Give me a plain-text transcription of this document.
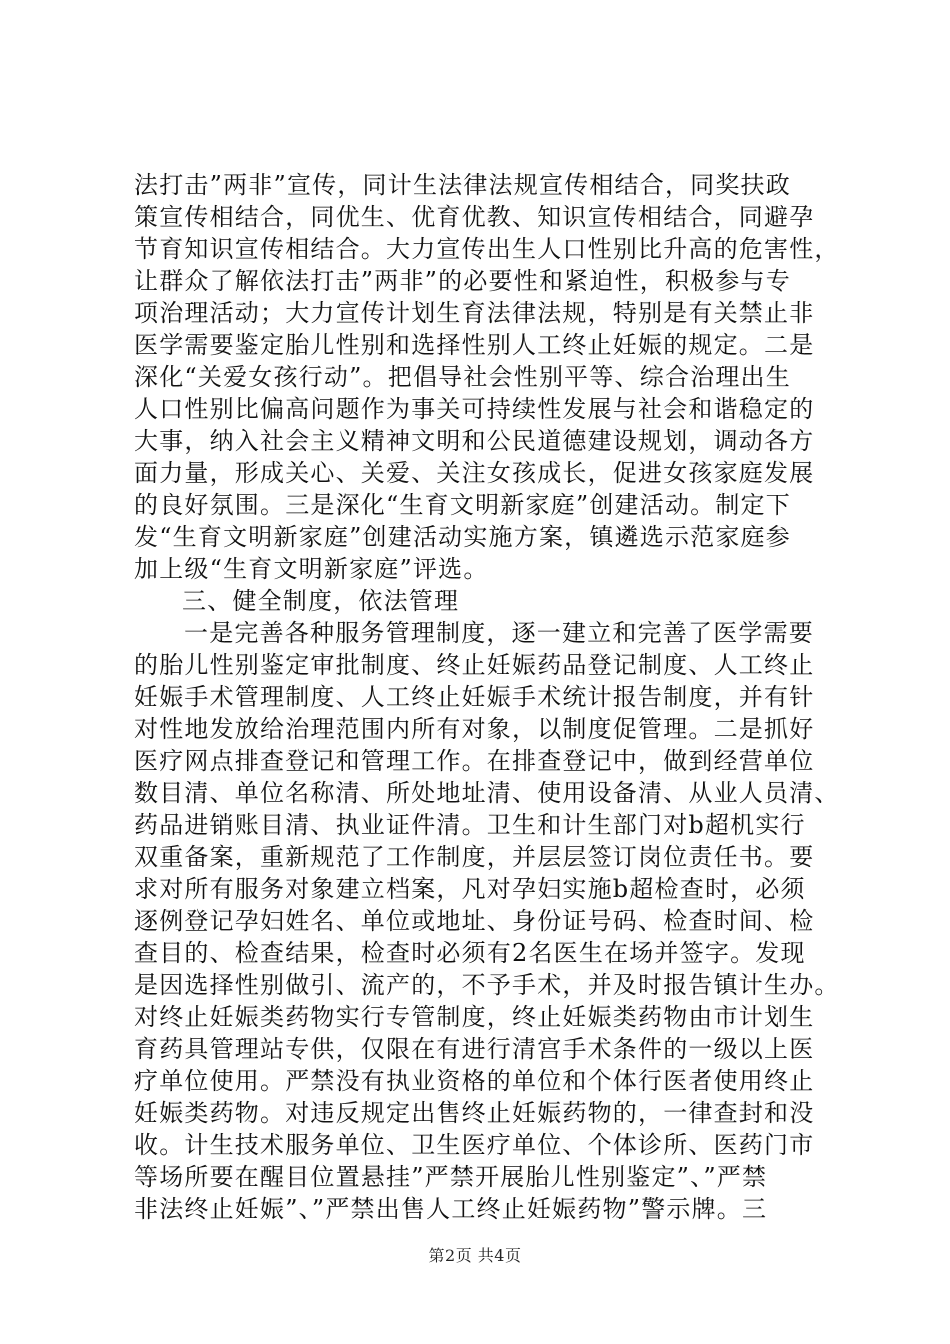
法打击”两非”宣传，同计生法律法规宣传相结合，同奖扶政
策宣传相结合，同优生、优育优教、知识宣传相结合，同避孕
节育知识宣传相结合。大力宣传出生人口性别比升高的危害性，
让群众了解依法打击”两非”的必要性和紧迫性，积极参与专
项治理活动；大力宣传计划生育法律法规，特别是有关禁止非
医学需要鉴定胎儿性别和选择性别人工终止妊娠的规定。二是
深化“关爱女孩行动”。把倡导社会性别平等、综合治理出生
人口性别比偏高问题作为事关可持续性发展与社会和谐稳定的
大事，纳入社会主义精神文明和公民道德建设规划，调动各方
面力量，形成关心、关爱、关注女孩成长，促进女孩家庭发展
的良好氛围。三是深化“生育文明新家庭”创建活动。制定下
发“生育文明新家庭”创建活动实施方案，镇遴选示范家庭参
加上级“生育文明新家庭”评选。
三、健全制度，依法管理
一是完善各种服务管理制度，逐一建立和完善了医学需要
的胎儿性别鉴定审批制度、终止妊娠药品登记制度、人工终止
妊娠手术管理制度、人工终止妊娠手术统计报告制度，并有针
对性地发放给治理范围内所有对象，以制度促管理。二是抓好
医疗网点排查登记和管理工作。在排查登记中，做到经营单位
数目清、单位名称清、所处地址清、使用设备清、从业人员清、
药品进销账目清、执业证件清。卫生和计生部门对b超机实行
双重备案，重新规范了工作制度，并层层签订岗位责任书。要
求对所有服务对象建立档案，凡对孕妇实施b超检查时，必须
逐例登记孕妇姓名、单位或地址、身份证号码、检查时间、检
查目的、检查结果，检查时必须有2名医生在场并签字。发现
是因选择性别做引、流产的，不予手术，并及时报告镇计生办。
对终止妊娠类药物实行专管制度，终止妊娠类药物由市计划生
育药具管理站专供，仅限在有进行清宫手术条件的一级以上医
疗单位使用。严禁没有执业资格的单位和个体行医者使用终止
妊娠类药物。对违反规定出售终止妊娠药物的，一律查封和没
收。计生技术服务单位、卫生医疗单位、个体诊所、医药门市
等场所要在醒目位置悬挂”严禁开展胎儿性别鉴定”、”严禁
非法终止妊娠”、”严禁出售人工终止妊娠药物”警示牌。三
第2页 共4页
